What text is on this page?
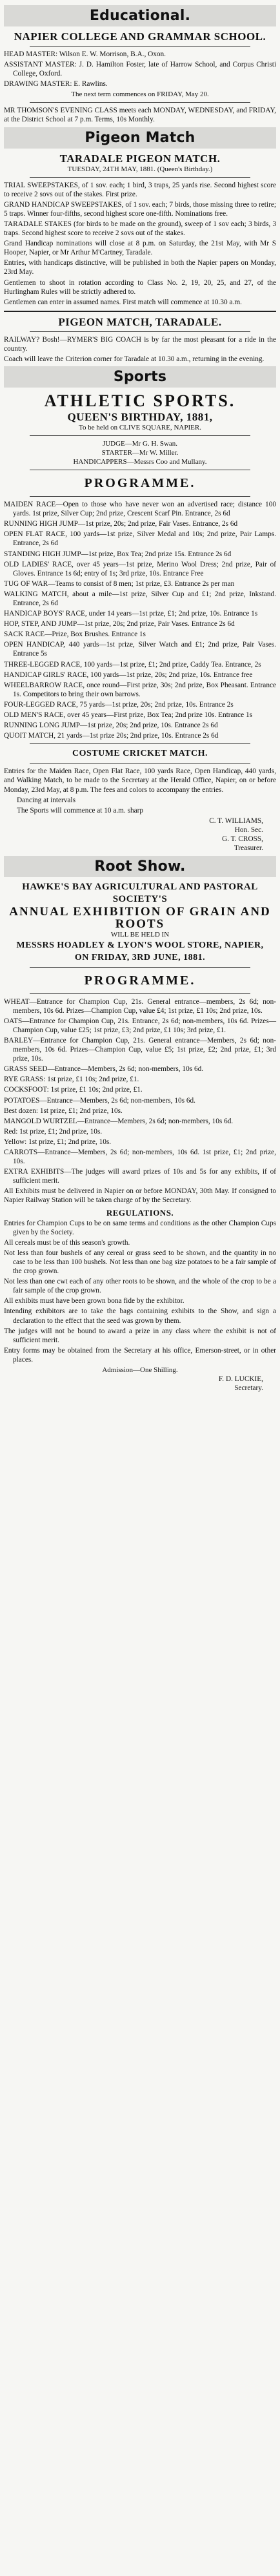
Educational.
NAPIER COLLEGE AND GRAMMAR SCHOOL.
HEAD MASTER: Wilson E. W. Morrison, B.A., Oxon.
ASSISTANT MASTER: J. D. Hamilton Foster, late of Harrow School, and Corpus Christi College, Oxford.
DRAWING MASTER: E. Rawlins.
The next term commences on FRIDAY, May 20.
MR THOMSON'S EVENING CLASS meets each MONDAY, WEDNESDAY, and FRIDAY, at the District School at 7 p.m. Terms, 10s Monthly.
Pigeon Match
TARADALE PIGEON MATCH.
TUESDAY, 24TH MAY, 1881. (Queen's Birthday.)
TRIAL SWEEPSTAKES, of 1 sov. each; 1 bird, 3 traps, 25 yards rise. Second highest score to receive 2 sovs out of the stakes. First prize.
GRAND HANDICAP SWEEPSTAKES, of 1 sov. each; 7 birds, those missing three to retire; 5 traps. Winner four-fifths, second highest score one-fifth. Nominations free.
TARADALE STAKES (for birds to be made on the ground), sweep of 1 sov each; 3 birds, 3 traps. Second highest score to receive 2 sovs out of the stakes.
Grand Handicap nominations will close at 8 p.m. on Saturday, the 21st May, with Mr S Hooper, Napier, or Mr Arthur M'Cartney, Taradale.
Entries, with handicaps distinctive, will be published in both the Napier papers on Monday, 23rd May.
Gentlemen to shoot in rotation according to Class No. 2, 19, 20, 25, and 27, of the Hurlingham Rules will be strictly adhered to.
Gentlemen can enter in assumed names. First match will commence at 10.30 a.m.
PIGEON MATCH, TARADALE.
RAILWAY? Bosh!—RYMER'S BIG COACH is by far the most pleasant for a ride in the country.
Coach will leave the Criterion corner for Taradale at 10.30 a.m., returning in the evening.
Sports
ATHLETIC SPORTS.
QUEEN'S BIRTHDAY, 1881,
To be held on CLIVE SQUARE, NAPIER.
JUDGE—Mr G. H. Swan.
STARTER—Mr W. Miller.
HANDICAPPERS—Messrs Coo and Mullany.
PROGRAMME.
MAIDEN RACE—Open to those who have never won an advertised race; distance 100 yards. 1st prize, Silver Cup; 2nd prize, Crescent Scarf Pin. Entrance, 2s 6d
RUNNING HIGH JUMP—1st prize, 20s; 2nd prize, Fair Vases. Entrance, 2s 6d
OPEN FLAT RACE, 100 yards—1st prize, Silver Medal and 10s; 2nd prize, Pair Lamps. Entrance, 2s 6d
STANDING HIGH JUMP—1st prize, Box Tea; 2nd prize 15s. Entrance 2s 6d
OLD LADIES' RACE, over 45 years—1st prize, Merino Wool Dress; 2nd prize, Pair of Gloves. Entrance 1s 6d; entry of 1s; 3rd prize, 10s. Entrance Free
TUG OF WAR—Teams to consist of 8 men; 1st prize, £3. Entrance 2s per man
WALKING MATCH, about a mile—1st prize, Silver Cup and £1; 2nd prize, Inkstand. Entrance, 2s 6d
HANDICAP BOYS' RACE, under 14 years—1st prize, £1; 2nd prize, 10s. Entrance 1s
HOP, STEP, AND JUMP—1st prize, 20s; 2nd prize, Pair Vases. Entrance 2s 6d
SACK RACE—Prize, Box Brushes. Entrance 1s
OPEN HANDICAP, 440 yards—1st prize, Silver Watch and £1; 2nd prize, Pair Vases. Entrance 5s
THREE-LEGGED RACE, 100 yards—1st prize, £1; 2nd prize, Caddy Tea. Entrance, 2s
HANDICAP GIRLS' RACE, 100 yards—1st prize, 20s; 2nd prize, 10s. Entrance free
WHEELBARROW RACE, once round—First prize, 30s; 2nd prize, Box Pheasant. Entrance 1s. Competitors to bring their own barrows.
FOUR-LEGGED RACE, 75 yards—1st prize, 20s; 2nd prize, 10s. Entrance 2s
OLD MEN'S RACE, over 45 years—First prize, Box Tea; 2nd prize 10s. Entrance 1s
RUNNING LONG JUMP—1st prize, 20s; 2nd prize, 10s. Entrance 2s 6d
QUOIT MATCH, 21 yards—1st prize 20s; 2nd prize, 10s. Entrance 2s 6d
COSTUME CRICKET MATCH.
Entries for the Maiden Race, Open Flat Race, 100 yards Race, Open Handicap, 440 yards, and Walking Match, to be made to the Secretary at the Herald Office, Napier, on or before Monday, 23rd May, at 8 p.m. The fees and colors to accompany the entries.
Dancing at intervals
The Sports will commence at 10 a.m. sharp
C. T. WILLIAMS,
Hon. Sec.
G. T. CROSS,
Treasurer.
Root Show.
HAWKE'S BAY AGRICULTURAL AND PASTORAL SOCIETY'S
ANNUAL EXHIBITION OF GRAIN AND ROOTS
WILL BE HELD IN
MESSRS HOADLEY & LYON'S WOOL STORE, NAPIER,
ON FRIDAY, 3RD JUNE, 1881.
PROGRAMME.
WHEAT—Entrance for Champion Cup, 21s. General entrance—members, 2s 6d; non-members, 10s 6d. Prizes—Champion Cup, value £4; 1st prize, £1 10s; 2nd prize, 10s.
OATS—Entrance for Champion Cup, 21s. Entrance, 2s 6d; non-members, 10s 6d. Prizes—Champion Cup, value £25; 1st prize, £3; 2nd prize, £1 10s; 3rd prize, £1.
BARLEY—Entrance for Champion Cup, 21s. General entrance—Members, 2s 6d; non-members, 10s 6d. Prizes—Champion Cup, value £5; 1st prize, £2; 2nd prize, £1; 3rd prize, 10s.
GRASS SEED—Entrance—Members, 2s 6d; non-members, 10s 6d.
RYE GRASS: 1st prize, £1 10s; 2nd prize, £1.
COCKSFOOT: 1st prize, £1 10s; 2nd prize, £1.
POTATOES—Entrance—Members, 2s 6d; non-members, 10s 6d.
Best dozen: 1st prize, £1; 2nd prize, 10s.
MANGOLD WURTZEL—Entrance—Members, 2s 6d; non-members, 10s 6d.
Red: 1st prize, £1; 2nd prize, 10s.
Yellow: 1st prize, £1; 2nd prize, 10s.
CARROTS—Entrance—Members, 2s 6d; non-members, 10s 6d. 1st prize, £1; 2nd prize, 10s.
EXTRA EXHIBITS—The judges will award prizes of 10s and 5s for any exhibits, if of sufficient merit.
All Exhibits must be delivered in Napier on or before MONDAY, 30th May. If consigned to Napier Railway Station will be taken charge of by the Secretary.
REGULATIONS.
Entries for Champion Cups to be on same terms and conditions as the other Champion Cups given by the Society.
All cereals must be of this season's growth.
Not less than four bushels of any cereal or grass seed to be shown, and the quantity in no case to be less than 100 bushels. Not less than one bag size potatoes to be a fair sample of the crop grown.
Not less than one cwt each of any other roots to be shown, and the whole of the crop to be a fair sample of the crop grown.
All exhibits must have been grown bona fide by the exhibitor.
Intending exhibitors are to take the bags containing exhibits to the Show, and sign a declaration to the effect that the seed was grown by them.
The judges will not be bound to award a prize in any class where the exhibit is not of sufficient merit.
Entry forms may be obtained from the Secretary at his office, Emerson-street, or in other places.
Admission—One Shilling.
F. D. LUCKIE,
Secretary.
